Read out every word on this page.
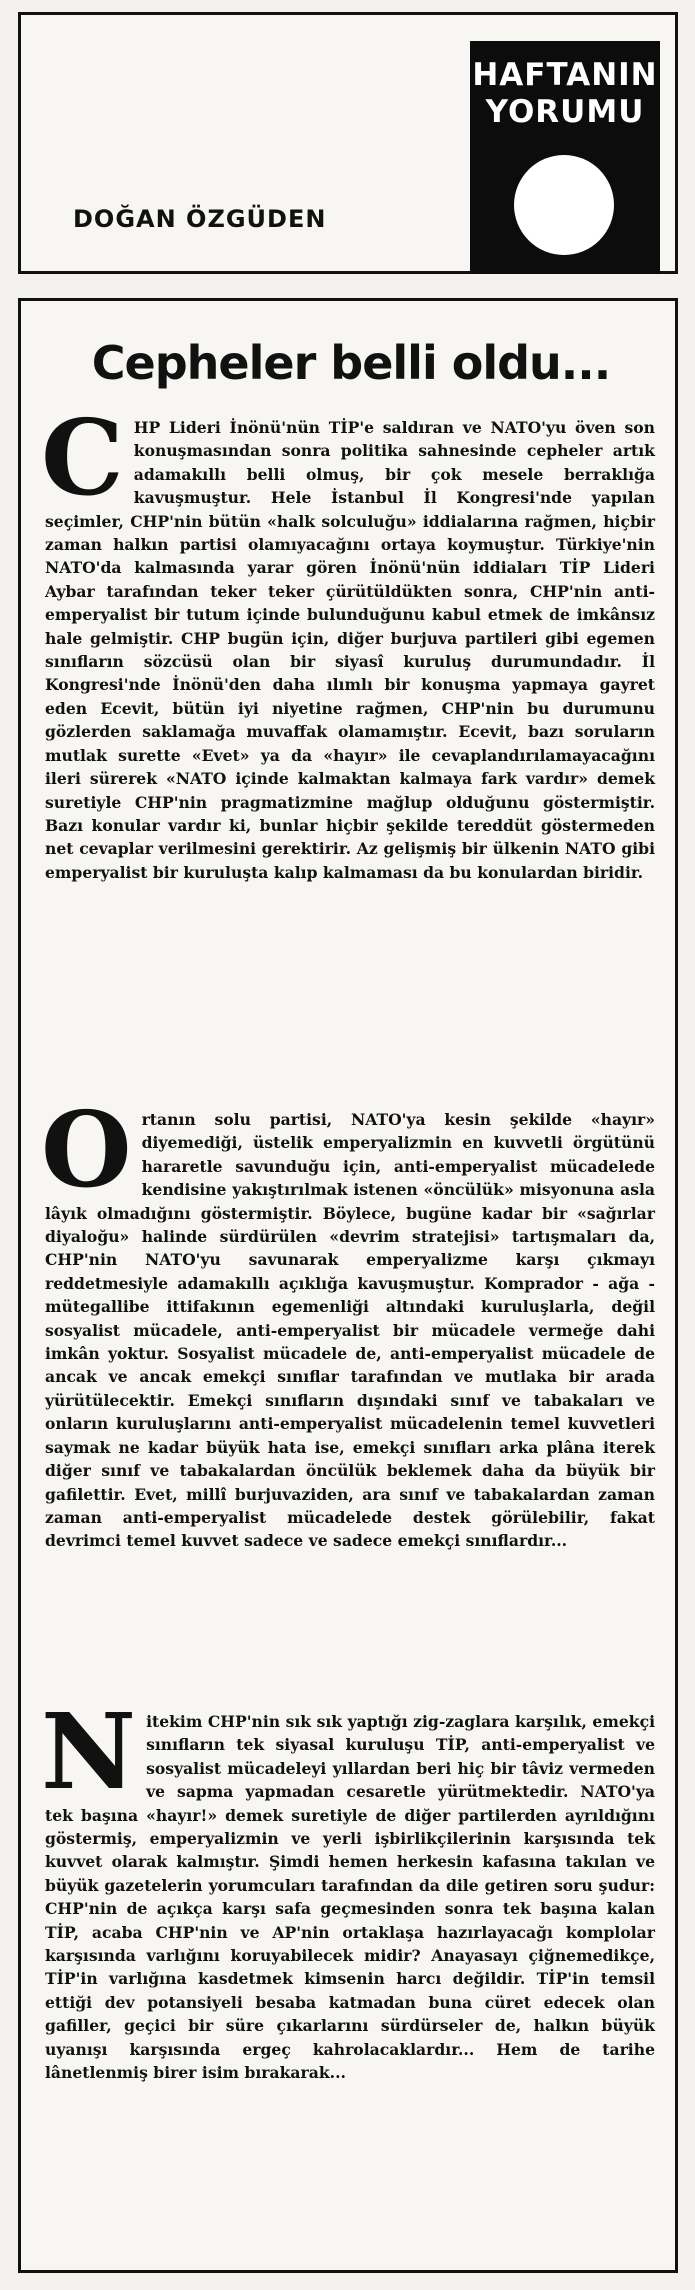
DOĞAN ÖZGÜDEN
HAFTANIN
YORUMU
Cepheler belli oldu...

CHP Lideri İnönü'nün TİP'e saldıran ve NATO'yu öven son konuşmasından sonra politika sahnesinde cepheler artık adamakıllı belli olmuş, bir çok mesele berraklığa kavuşmuştur. Hele İstanbul İl Kongresi'nde yapılan seçimler, CHP'nin bütün «halk solculuğu» iddialarına rağmen, hiçbir zaman halkın partisi olamıyacağını ortaya koymuştur. Türkiye'nin NATO'da kalmasında yarar gören İnönü'nün iddiaları TİP Lideri Aybar tarafından teker teker çürütüldükten sonra, CHP'nin anti-emperyalist bir tutum içinde bulunduğunu kabul etmek de imkânsız hale gelmiştir. CHP bugün için, diğer burjuva partileri gibi egemen sınıfların sözcüsü olan bir siyasî kuruluş durumundadır. İl Kongresi'nde İnönü'den daha ılımlı bir konuşma yapmaya gayret eden Ecevit, bütün iyi niyetine rağmen, CHP'nin bu durumunu gözlerden saklamağa muvaffak olamamıştır. Ecevit, bazı soruların mutlak surette «Evet» ya da «hayır» ile cevaplandırılamayacağını ileri sürerek «NATO içinde kalmaktan kalmaya fark vardır» demek suretiyle CHP'nin pragmatizmine mağlup olduğunu göstermiştir. Bazı konular vardır ki, bunlar hiçbir şekilde tereddüt göstermeden net cevaplar verilmesini gerektirir. Az gelişmiş bir ülkenin NATO gibi emperyalist bir kuruluşta kalıp kalmaması da bu konulardan biridir.

Ortanın solu partisi, NATO'ya kesin şekilde «hayır» diyemediği, üstelik emperyalizmin en kuvvetli örgütünü hararetle savunduğu için, anti-emperyalist mücadelede kendisine yakıştırılmak istenen «öncülük» misyonuna asla lâyık olmadığını göstermiştir. Böylece, bugüne kadar bir «sağırlar diyaloğu» halinde sürdürülen «devrim stratejisi» tartışmaları da, CHP'nin NATO'yu savunarak emperyalizme karşı çıkmayı reddetmesiyle adamakıllı açıklığa kavuşmuştur. Komprador - ağa - mütegallibe ittifakının egemenliği altındaki kuruluşlarla, değil sosyalist mücadele, anti-emperyalist bir mücadele vermeğe dahi imkân yoktur. Sosyalist mücadele de, anti-emperyalist mücadele de ancak ve ancak emekçi sınıflar tarafından ve mutlaka bir arada yürütülecektir. Emekçi sınıfların dışındaki sınıf ve tabakaları ve onların kuruluşlarını anti-emperyalist mücadelenin temel kuvvetleri saymak ne kadar büyük hata ise, emekçi sınıfları arka plâna iterek diğer sınıf ve tabakalardan öncülük beklemek daha da büyük bir gafilettir. Evet, millî burjuvaziden, ara sınıf ve tabakalardan zaman zaman anti-emperyalist mücadelede destek görülebilir, fakat devrimci temel kuvvet sadece ve sadece emekçi sınıflardır...

Nitekim CHP'nin sık sık yaptığı zig-zaglara karşılık, emekçi sınıfların tek siyasal kuruluşu TİP, anti-emperyalist ve sosyalist mücadeleyi yıllardan beri hiç bir tâviz vermeden ve sapma yapmadan cesaretle yürütmektedir. NATO'ya tek başına «hayır!» demek suretiyle de diğer partilerden ayrıldığını göstermiş, emperyalizmin ve yerli işbirlikçilerinin karşısında tek kuvvet olarak kalmıştır. Şimdi hemen herkesin kafasına takılan ve büyük gazetelerin yorumcuları tarafından da dile getiren soru şudur: CHP'nin de açıkça karşı safa geçmesinden sonra tek başına kalan TİP, acaba CHP'nin ve AP'nin ortaklaşa hazırlayacağı komplolar karşısında varlığını koruyabilecek midir? Anayasayı çiğnemedikçe, TİP'in varlığına kasdetmek kimsenin harcı değildir. TİP'in temsil ettiği dev potansiyeli besaba katmadan buna cüret edecek olan gafiller, geçici bir süre çıkarlarını sürdürseler de, halkın büyük uyanışı karşısında ergeç kahrolacaklardır... Hem de tarihe lânetlenmiş birer isim bırakarak...
